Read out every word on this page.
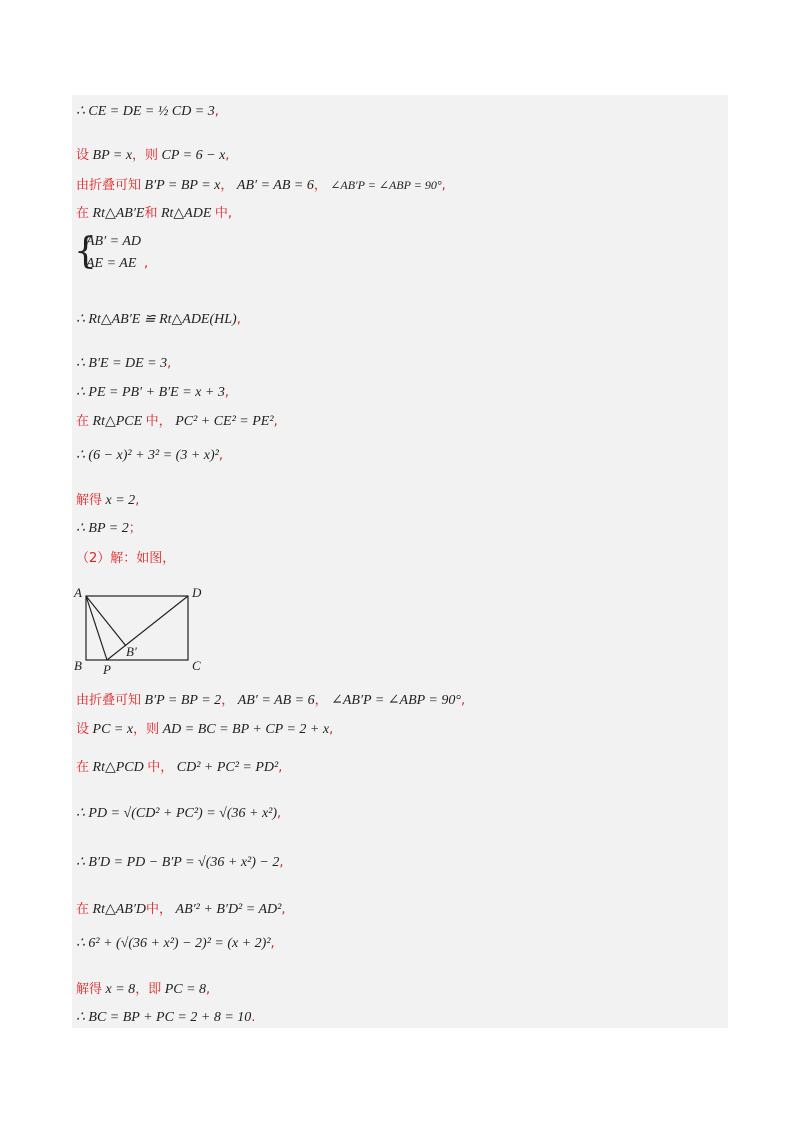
∴ CE = DE = ½ CD = 3,
设 BP = x，则 CP = 6 − x,
由折叠可知 B′P = BP = x， AB′ = AB = 6， ∠AB′P = ∠ABP = 90°,
在 Rt△AB′E和 Rt△ADE 中,
{
AB′ = AD
AE = AE ,
∴ Rt△AB′E ≌ Rt△ADE(HL),
∴ B′E = DE = 3,
∴ PE = PB′ + B′E = x + 3,
在 Rt△PCE 中， PC² + CE² = PE²,
∴ (6 − x)² + 3² = (3 + x)²,
解得 x = 2,
∴ BP = 2；
（2）解：如图，
A	D
B′
B P	C
由折叠可知 B′P = BP = 2， AB′ = AB = 6， ∠AB′P = ∠ABP = 90°,
设 PC = x，则 AD = BC = BP + CP = 2 + x,
在 Rt△PCD 中， CD² + PC² = PD²,
∴ PD = √(CD² + PC²) = √(36 + x²),
∴ B′D = PD − B′P = √(36 + x²) − 2,
在 Rt△AB′D中， AB′² + B′D² = AD²,
∴ 6² + (√(36 + x²) − 2)² = (x + 2)²,
解得 x = 8，即 PC = 8,
∴ BC = BP + PC = 2 + 8 = 10.
